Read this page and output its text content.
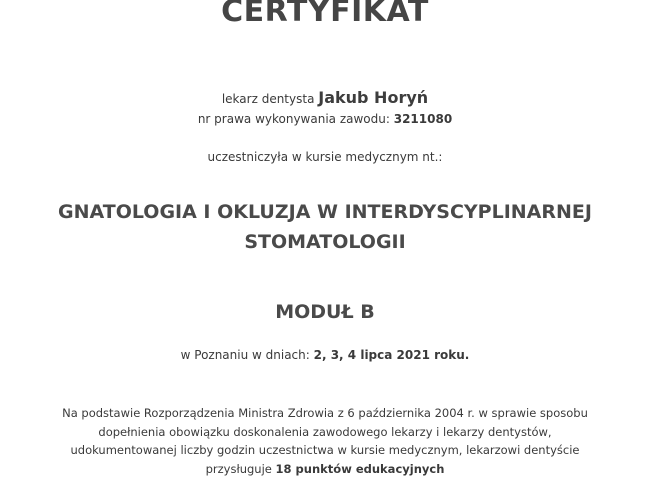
CERTYFIKAT
lekarz dentysta Jakub Horyń
nr prawa wykonywania zawodu: 3211080
uczestniczyła w kursie medycznym nt.:
GNATOLOGIA I OKLUZJA W INTERDYSCYPLINARNEJ
STOMATOLOGII
MODUŁ B
w Poznaniu w dniach: 2, 3, 4 lipca 2021 roku.
Na podstawie Rozporządzenia Ministra Zdrowia z 6 października 2004 r. w sprawie sposobu
dopełnienia obowiązku doskonalenia zawodowego lekarzy i lekarzy dentystów,
udokumentowanej liczby godzin uczestnictwa w kursie medycznym, lekarzowi dentyście
przysługuje 18 punktów edukacyjnych
